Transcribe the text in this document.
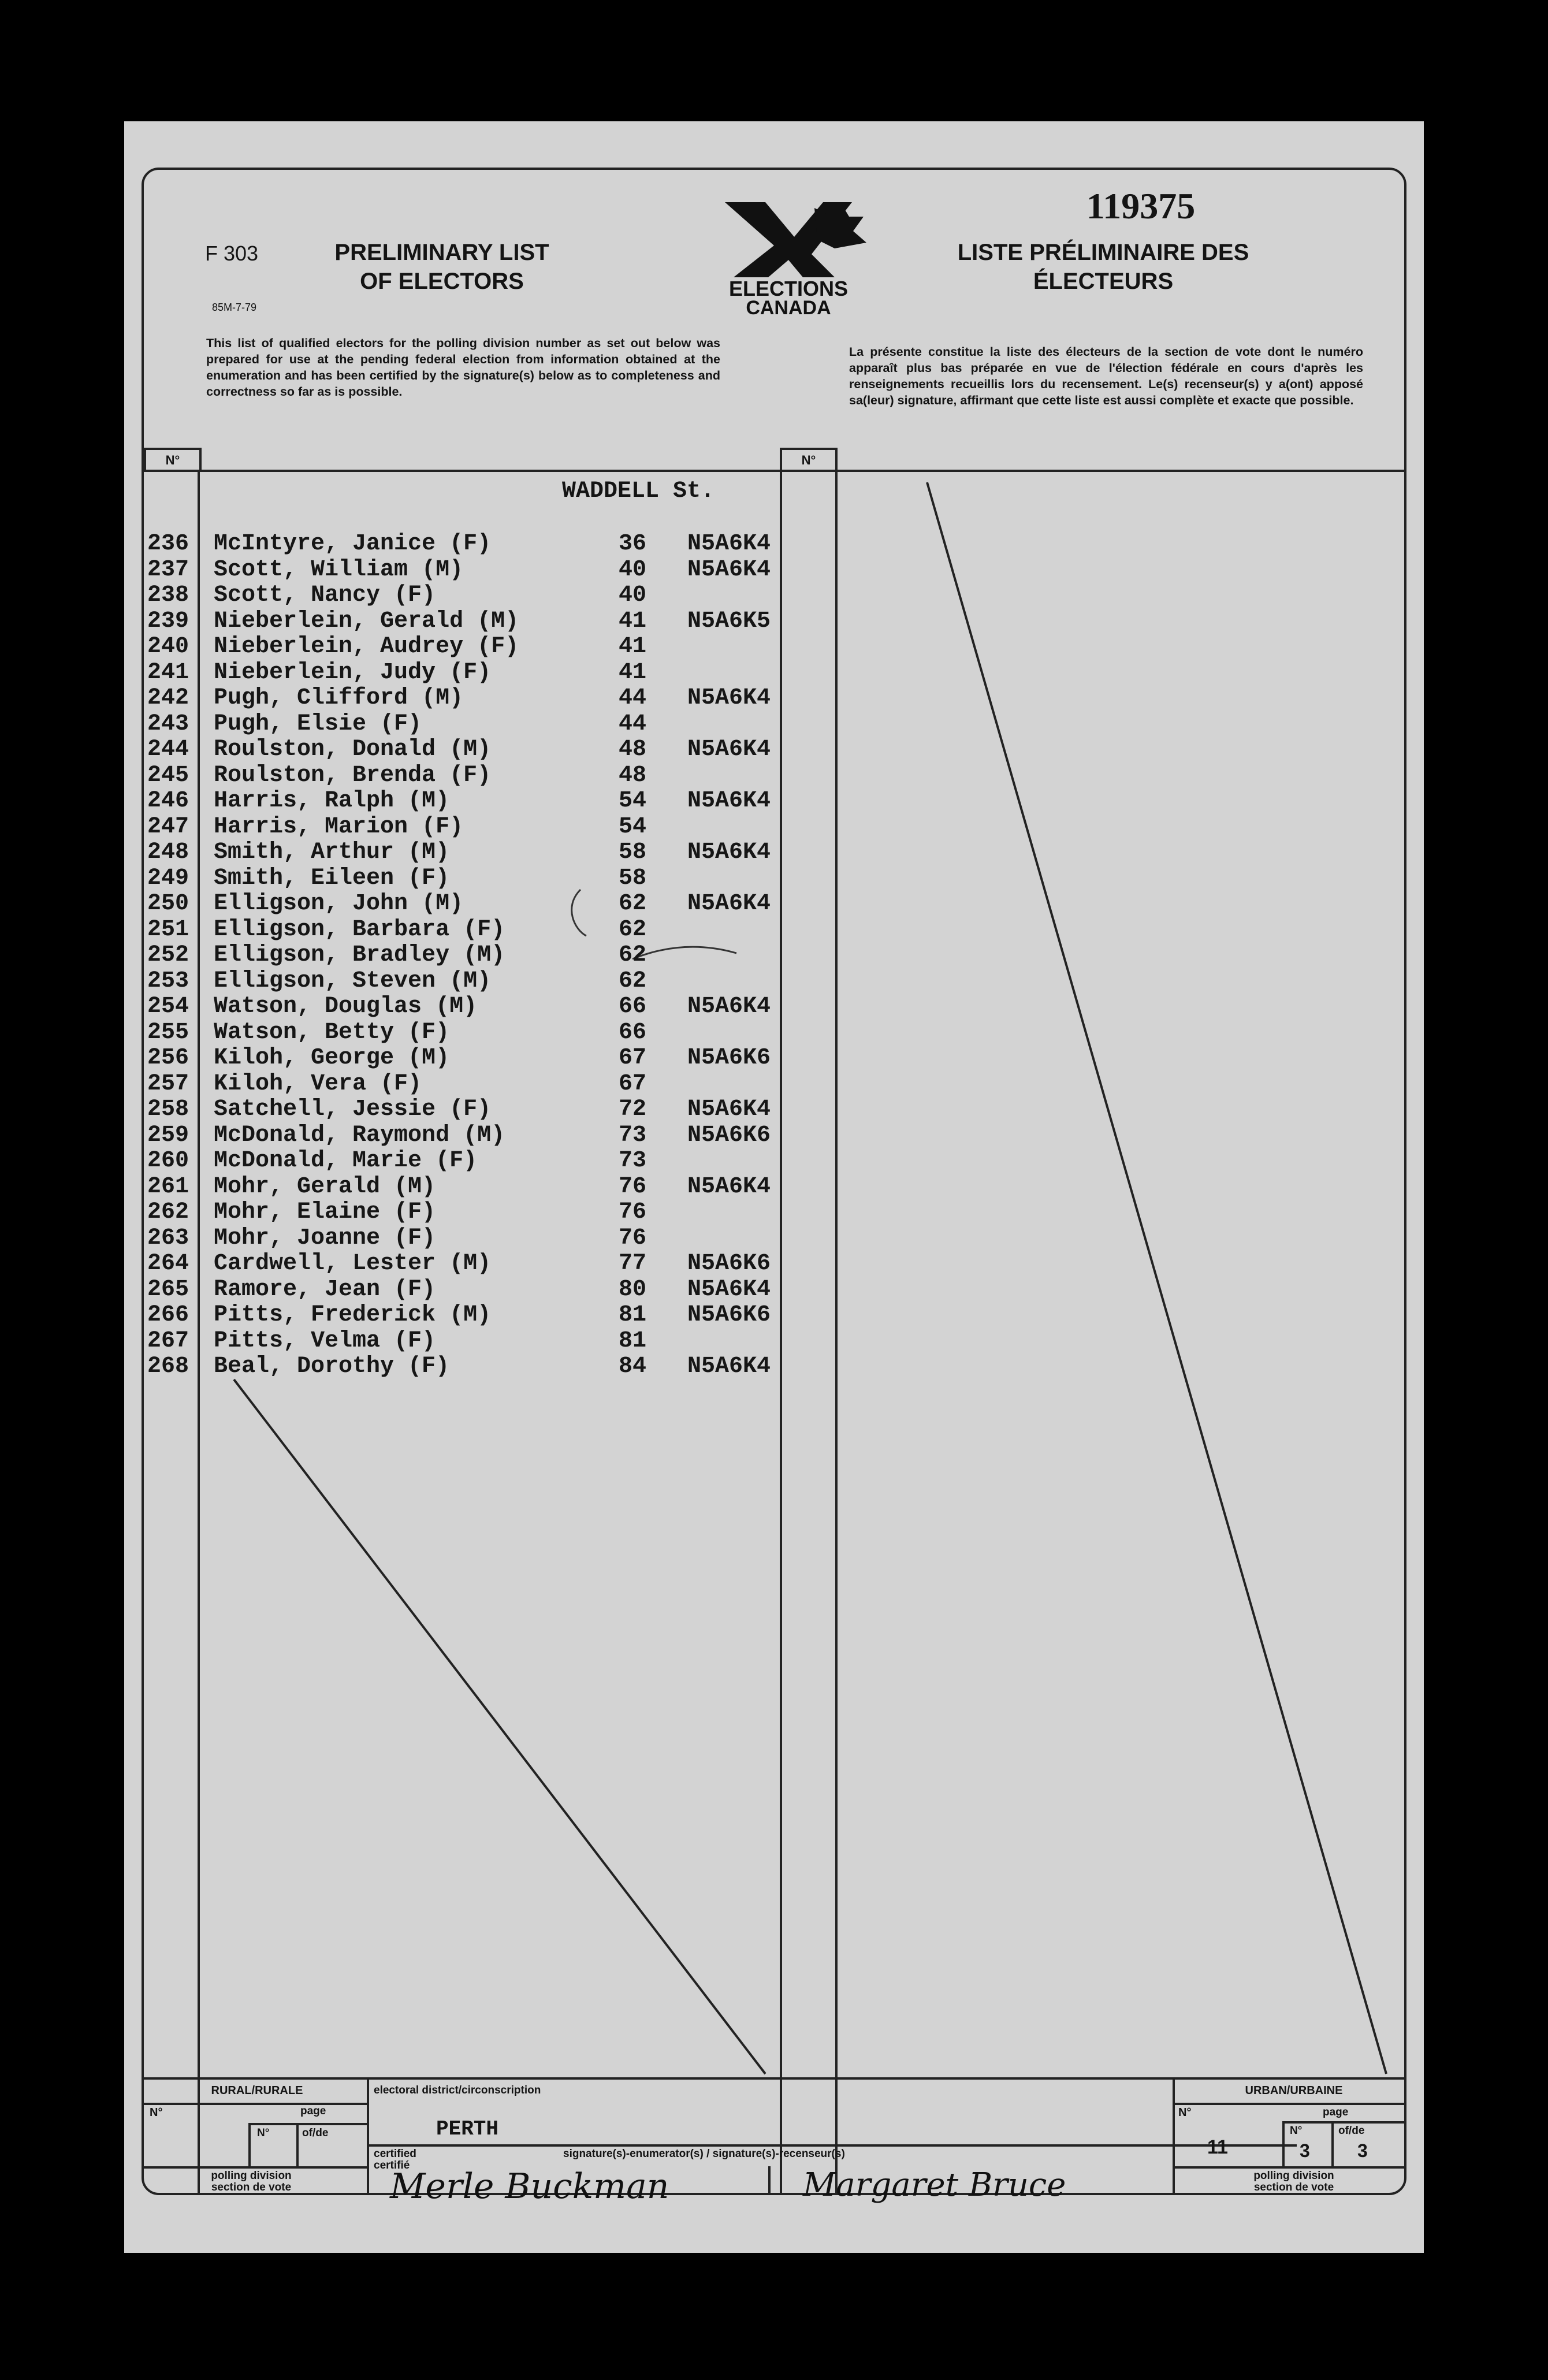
F 303
85M-7-79
PRELIMINARY LIST OF ELECTORS
119375
LISTE PRÉLIMINAIRE DES ÉLECTEURS
ELECTIONS
CANADA
This list of qualified electors for the polling division number as set out below was prepared for use at the pending federal election from information obtained at the enumeration and has been certified by the signature(s) below as to completeness and correctness so far as is possible.
La présente constitue la liste des électeurs de la section de vote dont le numéro apparaît plus bas préparée en vue de l'élection fédérale en cours d'après les renseignements recueillis lors du recensement. Le(s) recenseur(s) y a(ont) apposé sa(leur) signature, affirmant que cette liste est aussi complète et exacte que possible.
N°	N°
WADDELL St.
236 McIntyre, Janice (F)	36	N5A6K4
237 Scott, William (M)	40	N5A6K4
238 Scott, Nancy (F)	40
239 Nieberlein, Gerald (M)	41	N5A6K5
240 Nieberlein, Audrey (F)	41
241 Nieberlein, Judy (F)	41
242 Pugh, Clifford (M)	44	N5A6K4
243 Pugh, Elsie (F)	44
244 Roulston, Donald (M)	48	N5A6K4
245 Roulston, Brenda (F)	48
246 Harris, Ralph (M)	54	N5A6K4
247 Harris, Marion (F)	54
248 Smith, Arthur (M)	58	N5A6K4
249 Smith, Eileen (F)	58
250 Elligson, John (M)	62	N5A6K4
251 Elligson, Barbara (F)	62
252 Elligson, Bradley (M)	62
253 Elligson, Steven (M)	62
254 Watson, Douglas (M)	66	N5A6K4
255 Watson, Betty (F)	66
256 Kiloh, George (M)	67	N5A6K6
257 Kiloh, Vera (F)	67
258 Satchell, Jessie (F)	72	N5A6K4
259 McDonald, Raymond (M)	73	N5A6K6
260 McDonald, Marie (F)	73
261 Mohr, Gerald (M)	76	N5A6K4
262 Mohr, Elaine (F)	76
263 Mohr, Joanne (F)	76
264 Cardwell, Lester (M)	77	N5A6K6
265 Ramore, Jean (F)	80	N5A6K4
266 Pitts, Frederick (M)	81	N5A6K6
267 Pitts, Velma (F)	81
268 Beal, Dorothy (F)	84	N5A6K4
RURAL/RURALE
N°	page
N°	of/de
polling division
section de vote
electoral district/circonscription
PERTH
certified
certifié
signature(s)-enumerator(s) / signature(s)-recenseur(s)
Merle Buckman	Margaret Bruce
URBAN/URBAINE
N°	page
11
N°	of/de
3	3
polling division
section de vote
